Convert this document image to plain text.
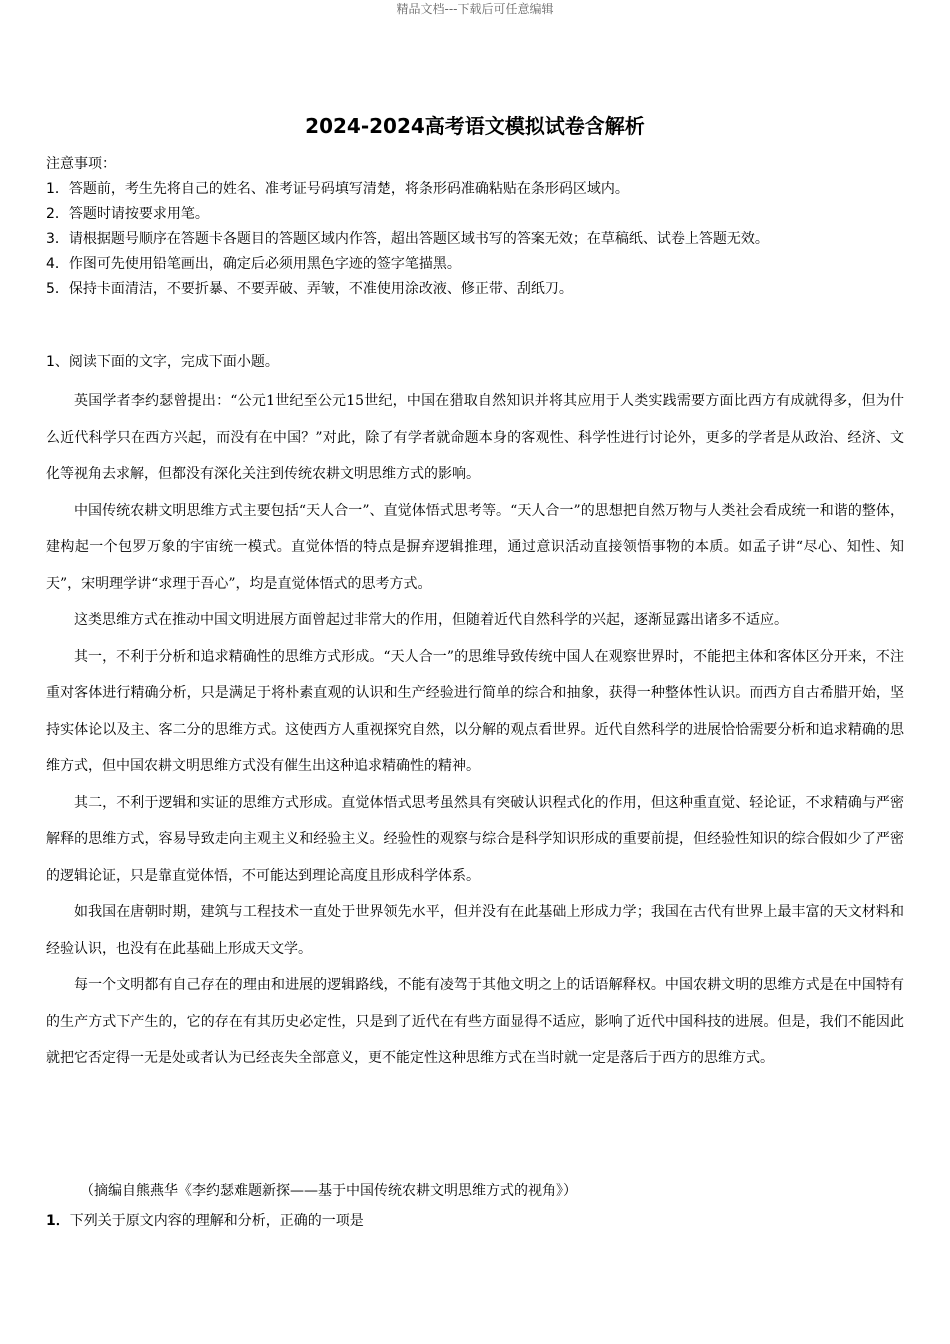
精品文档---下载后可任意编辑
2024-2024高考语文模拟试卷含解析
注意事项：
1．答题前，考生先将自己的姓名、准考证号码填写清楚，将条形码准确粘贴在条形码区域内。
2．答题时请按要求用笔。
3．请根据题号顺序在答题卡各题目的答题区域内作答，超出答题区域书写的答案无效；在草稿纸、试卷上答题无效。
4．作图可先使用铅笔画出，确定后必须用黑色字迹的签字笔描黑。
5．保持卡面清洁，不要折暴、不要弄破、弄皱，不准使用涂改液、修正带、刮纸刀。
1、阅读下面的文字，完成下面小题。

英国学者李约瑟曾提出：“公元1世纪至公元15世纪，中国在猎取自然知识并将其应用于人类实践需要方面比西方有成就得多，但为什么近代科学只在西方兴起，而没有在中国？”对此，除了有学者就命题本身的客观性、科学性进行讨论外，更多的学者是从政治、经济、文化等视角去求解，但都没有深化关注到传统农耕文明思维方式的影响。

中国传统农耕文明思维方式主要包括“天人合一”、直觉体悟式思考等。“天人合一”的思想把自然万物与人类社会看成统一和谐的整体，建构起一个包罗万象的宇宙统一模式。直觉体悟的特点是摒弃逻辑推理，通过意识活动直接领悟事物的本质。如孟子讲“尽心、知性、知天”，宋明理学讲“求理于吾心”，均是直觉体悟式的思考方式。

这类思维方式在推动中国文明进展方面曾起过非常大的作用，但随着近代自然科学的兴起，逐渐显露出诸多不适应。

其一，不利于分析和追求精确性的思维方式形成。“天人合一”的思维导致传统中国人在观察世界时，不能把主体和客体区分开来，不注重对客体进行精确分析，只是满足于将朴素直观的认识和生产经验进行简单的综合和抽象，获得一种整体性认识。而西方自古希腊开始，坚持实体论以及主、客二分的思维方式。这使西方人重视探究自然，以分解的观点看世界。近代自然科学的进展恰恰需要分析和追求精确的思维方式，但中国农耕文明思维方式没有催生出这种追求精确性的精神。

其二，不利于逻辑和实证的思维方式形成。直觉体悟式思考虽然具有突破认识程式化的作用，但这种重直觉、轻论证，不求精确与严密解释的思维方式，容易导致走向主观主义和经验主义。经验性的观察与综合是科学知识形成的重要前提，但经验性知识的综合假如少了严密的逻辑论证，只是靠直觉体悟，不可能达到理论高度且形成科学体系。

如我国在唐朝时期，建筑与工程技术一直处于世界领先水平，但并没有在此基础上形成力学；我国在古代有世界上最丰富的天文材料和经验认识，也没有在此基础上形成天文学。

每一个文明都有自己存在的理由和进展的逻辑路线，不能有凌驾于其他文明之上的话语解释权。中国农耕文明的思维方式是在中国特有的生产方式下产生的，它的存在有其历史必定性，只是到了近代在有些方面显得不适应，影响了近代中国科技的进展。但是，我们不能因此就把它否定得一无是处或者认为已经丧失全部意义，更不能定性这种思维方式在当时就一定是落后于西方的思维方式。

（摘编自熊燕华《李约瑟难题新探——基于中国传统农耕文明思维方式的视角》）
1．下列关于原文内容的理解和分析，正确的一项是
